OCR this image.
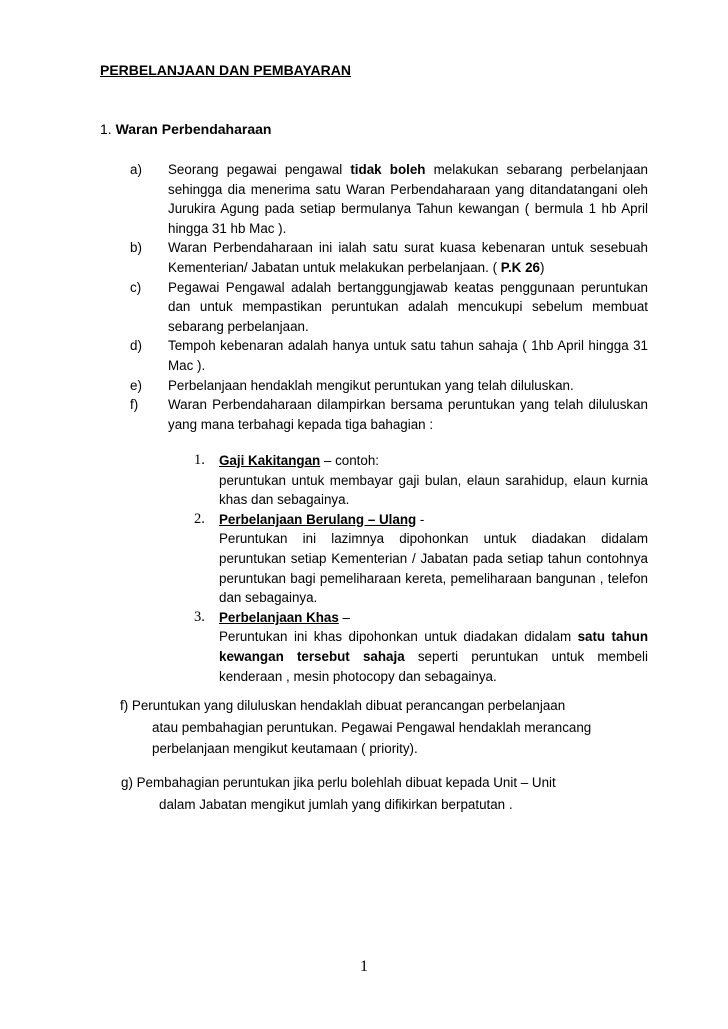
PERBELANJAAN DAN PEMBAYARAN
1. Waran Perbendaharaan
a)	Seorang pegawai pengawal tidak boleh melakukan sebarang perbelanjaan sehingga dia menerima satu Waran Perbendaharaan yang ditandatangani oleh Jurukira Agung pada setiap bermulanya Tahun kewangan ( bermula 1 hb April hingga 31 hb Mac ).
b)	Waran Perbendaharaan ini ialah satu surat kuasa kebenaran untuk sesebuah Kementerian/ Jabatan untuk melakukan perbelanjaan. ( P.K 26)
c)	Pegawai Pengawal adalah bertanggungjawab keatas penggunaan peruntukan dan untuk mempastikan peruntukan adalah mencukupi sebelum membuat sebarang perbelanjaan.
d)	Tempoh kebenaran adalah hanya untuk satu tahun sahaja ( 1hb April hingga 31 Mac ).
e)	Perbelanjaan hendaklah mengikut peruntukan yang telah diluluskan.
f)	Waran Perbendaharaan dilampirkan bersama peruntukan yang telah diluluskan yang mana terbahagi kepada tiga bahagian :
1. Gaji Kakitangan – contoh:
peruntukan untuk membayar gaji bulan, elaun sarahidup, elaun kurnia khas dan sebagainya.
2. Perbelanjaan Berulang – Ulang -
Peruntukan ini lazimnya dipohonkan untuk diadakan didalam peruntukan setiap Kementerian / Jabatan pada setiap tahun contohnya peruntukan bagi pemeliharaan kereta, pemeliharaan bangunan , telefon dan sebagainya.
3. Perbelanjaan Khas –
Peruntukan ini khas dipohonkan untuk diadakan didalam satu tahun kewangan tersebut sahaja seperti peruntukan untuk membeli kenderaan , mesin photocopy dan sebagainya.
f) Peruntukan yang diluluskan hendaklah dibuat perancangan perbelanjaan
atau pembahagian peruntukan. Pegawai Pengawal hendaklah merancang
perbelanjaan mengikut keutamaan ( priority).
g) Pembahagian peruntukan jika perlu bolehlah dibuat kepada Unit – Unit
dalam Jabatan mengikut jumlah yang difikirkan berpatutan .
1
